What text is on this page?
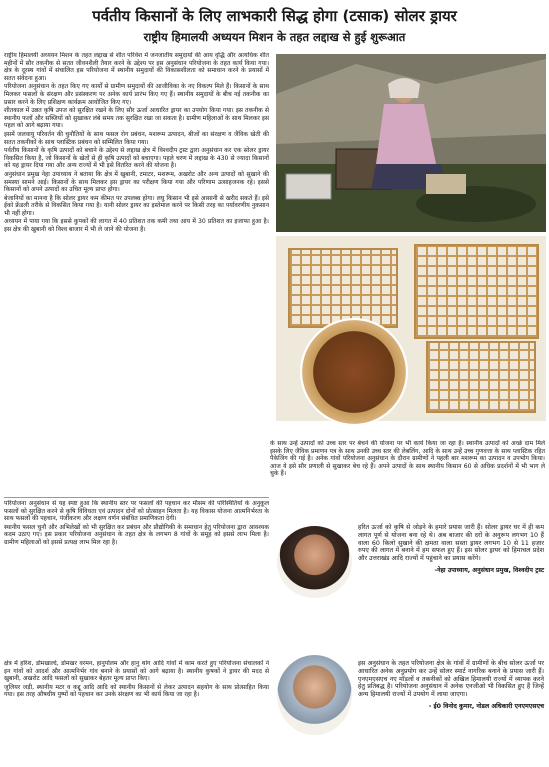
पर्वतीय किसानों के लिए लाभकारी सिद्ध होगा (टसाक) सोलर ड्रायर
राष्ट्रीय हिमालयी अध्ययन मिशन के तहत लद्दाख से हुई शुरूआत

राष्ट्रीय हिमालयी अध्ययन मिशन के तहत लद्दाख से शीत परिवेश में जनजातीय समुदायों की आय वृद्धि और अत्यधिक शीत महीनों में सौर तकनीक से सतत जीवनशैली तैयार करने के उद्देश्य पर इस अनुसंधान परियोजना के तहत कार्य किया गया। क्षेत्र के दूरस्थ गांवों में संचालित इस परियोजना में स्थानीय समुदायों की विकासशीलता को समाधान करने के प्रयासों में सतत संवेदना हुआ।

परियोजना अनुसंधान के तहत किए गए कार्यों से ग्रामीण समुदायों की आजीविका के नए विकल्प मिले हैं। किसानों के साथ मिलकर फसलों के संरक्षण और प्रसंस्करण पर अनेक कार्य प्रारंभ किए गए हैं। स्थानीय समुदायों के बीच नई तकनीक का प्रसार करने के लिए प्रशिक्षण कार्यक्रम आयोजित किए गए।

शीतकाल में उन्नत कृषि उपज को सुरक्षित रखने के लिए सौर ऊर्जा आधारित ड्रायर का उपयोग किया गया। इस तकनीक से स्थानीय फलों और सब्जियों को सुखाकर लंबे समय तक सुरक्षित रखा जा सकता है। ग्रामीण महिलाओं के साथ मिलकर इस पहल को आगे बढ़ाया गया।

इसमें जलवायु परिवर्तन की चुनौतियों के साथ फसल रोग प्रबंधन, मशरूम उत्पादन, बीजों का संरक्षण व जैविक खेती की सतत तकनीकों के साथ प्लास्टिक प्रबंधन को सम्मिलित किया गया।

पर्वतीय किसानों के कृषि उत्पादों को बचाने के उद्देश्य से लद्दाख क्षेत्र में विश्वदीप ट्रस्ट द्वारा अनुसंधान कर एक सोलर ड्रायर विकसित किया है, जो किसानों के खेतों से ही कृषि उत्पादों को बचाएगा। पहले चरण में लद्दाख के 430 से ज्यादा किसानों को यह ड्रायर दिया गया और अन्य राज्यों में भी इसे वितरित करने की योजना है।

अनुसंधान प्रमुख नेहा उपाध्याय ने बताया कि क्षेत्र में खुबानी, टमाटर, मशरूम, अखरोट और अन्य उत्पादों को सुखाने की समस्या सामने आई। किसानों के साथ मिलकर इस ड्रायर का परीक्षण किया गया और परिणाम उत्साहजनक रहे। इससे किसानों को अपने उत्पादों का उचित मूल्य प्राप्त होगा।

बेजानियों का मानना है कि सोलर ड्रायर कम कीमत पर उपलब्ध होगा। लघु किसान भी इसे आसानी से खरीद सकते हैं। इसे ईको फ्रेंडली तरीके से विकसित किया गया है। यानी सोलर ड्रायर का इस्तेमाल करने पर किसी तरह का पर्यावरणीय नुकसान भी नहीं होगा।

अध्ययन में पाया गया कि इससे कुपकों की लागत में 40 प्रतिशत तक कमी तथा आय में 30 प्रतिशत का इजाफा हुआ है। इस क्षेत्र की खुबानी को विश्व बाजार में भी ले जाने की योजना है।

परियोजना अनुसंधान से यह स्पष्ट हुआ कि स्थानीय स्तर पर फसलों की पहचान कर मौसम की परिस्थितियों के अनुकूल फसलों को सुरक्षित करने से कृषि विविधता एवं उत्पादन दोनों को प्रोत्साहन मिलता है। यह विकास योजना आत्मनिर्भरता के साथ फसलों की पहचान, पंजीकरण और लक्षण वर्णन संबंधित प्रमाणिकता देगी।

स्थानीय फसल चुनौ और अभिलेखों को भी सुरक्षित कर प्रबंधन और प्रौद्योगिकी के समाधान हेतु परियोजना द्वारा आवश्यक कदम उठाए गए। इस प्रकार परियोजना अनुसंधान के तहत क्षेत्र के लगभग 8 गांवों के समूह को इससे लाभ मिला है। ग्रामीण महिलाओं को इससे प्रत्यक्ष लाभ मिल रहा है।

क्षेत्र में हरिश, डोमखाल्दे, डोमखर वरमन, हानुपोलम और हानु थांग आदि गांवों में काम करते हुए परियोजना संचालकों ने इन गांवों को आदर्श और आत्मनिर्भर गांव बनाने के प्रयासों को आगे बढ़ाया है। स्थानीय कुषकों ने ड्रायर की मदद से खुबानी, अखरोट आदि फसलों को सुखाकर बेहतर मूल्य प्राप्त किए।

जुलियर जड़ी, स्थानीय मटर व कद्दू आदि आदि को स्थानीय किसानों से लेकर उत्पादन सहयोग के साथ प्रोत्साहित किया गया। इस तरह औषधीय पुष्पों को पहचान कर उनके संरक्षण का भी कार्य किया जा रहा है।

के साथ उन्हें उत्पादों को उच्च स्तर पर बेचने की योजना पर भी कार्य किया जा रहा है। स्थानीय उत्पादों को अच्छे दाम मिले इसके लिए जैविक प्रमाणन पत्र के साथ उनकी उच्च स्तर की लेबलिंग, आदि के साथ उन्हें उच्च गुणवत्ता के साथ प्लास्टिक रहित पैकेजिंग की गई है। अनेक गांवों परियोजना अनुसंधान के दौरान ग्रामीणों ने पहली बार मशरूम का उत्पादन व उपभोग किया। आज ये इसे सौर प्रणाली से सुखाकर बेच रहे हैं। अपने उत्पादों के साथ स्थानीय किसान 60 से अधिक प्रदर्शनों में भी भाग ले चुके हैं।
हरित ऊर्जा को कृषि से जोड़ने के हमारे प्रयास जारी हैं। सोलर ड्रायर घर में ही कम लागत पूर्ण से योजना बना रहे थे। अब बाजार की दरों के अनुरूप लगभग 10 हैं वाला 60 किलो सुखाने की क्षमता वाला सस्ता ड्रायर लगभग 10 से 11 हजार रुपए की लागत में बनाने में हम सफल हुए हैं। इस सोलर ड्रायर को हिमाचल प्रदेश और उत्तराखंड आदि राज्यों में पहुंचाने का प्रयास करेंगे।
-नेहा उपाध्याय, अनुसंधान प्रमुख, विश्वदीप ट्रस्ट
इस अनुसंधान के तहत परियोजना क्षेत्र के गांवों में ग्रामीणों के बीच सोलर ऊर्जा पर आधारित अनेक अनुप्रयोग कर उन्हें सोलर स्मार्ट नागरिक बनाने के प्रयास जारी हैं। एनएमएसएच नए मॉडलों व तकनीकों को अखिल हिमालयी राज्यों में व्यापक करने हेतु प्रतिबद्ध है। परियोजना अनुसंधान में अनेक एनजीओ भी विकसित हुए हैं जिन्हें अन्य हिमालयी राज्यों में उपयोग में लाया जाएगा।
- ई0 विनोद कुमार, नोडल अधिकारी एनएमएसएच
